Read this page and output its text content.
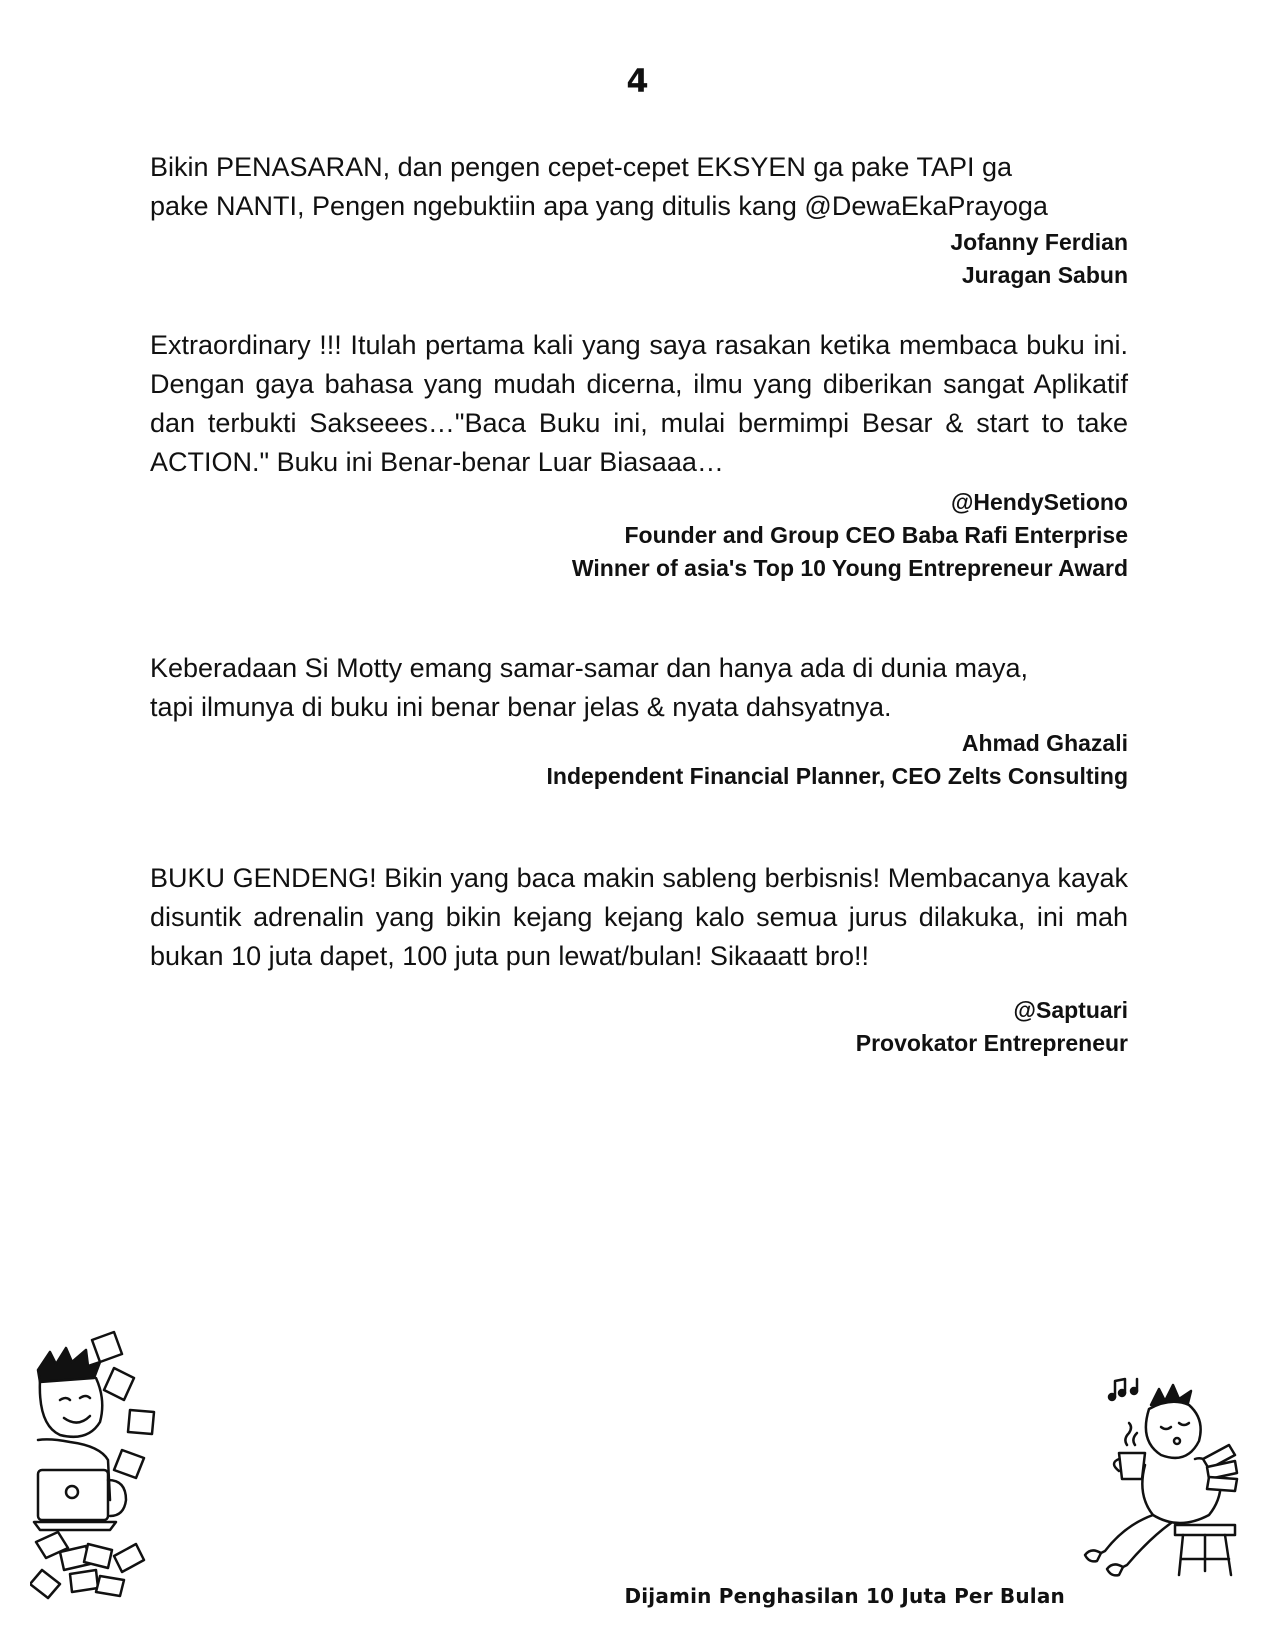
4

Bikin PENASARAN, dan pengen cepet-cepet EKSYEN ga pake TAPI ga

pake NANTI, Pengen ngebuktiin apa yang ditulis kang @DewaEkaPrayoga

Jofanny Ferdian
Juragan Sabun

Extraordinary !!! Itulah pertama kali yang saya rasakan ketika membaca buku ini. Dengan gaya bahasa yang mudah dicerna, ilmu yang diberikan sangat Aplikatif dan terbukti Sakseees…"Baca Buku ini, mulai bermimpi Besar & start to take ACTION." Buku ini Benar-benar Luar Biasaaa…

@HendySetiono
Founder and Group CEO Baba Rafi Enterprise
Winner of asia's Top 10 Young Entrepreneur Award

Keberadaan Si Motty emang samar-samar dan hanya ada di dunia maya,

tapi ilmunya di buku ini benar benar jelas & nyata dahsyatnya.

Ahmad Ghazali
Independent Financial Planner, CEO Zelts Consulting

BUKU GENDENG! Bikin yang baca makin sableng berbisnis! Membacanya kayak disuntik adrenalin yang bikin kejang kejang kalo semua jurus dilakuka, ini mah bukan 10 juta dapet, 100 juta pun lewat/bulan! Sikaaatt bro!!

@Saptuari
Provokator Entrepreneur
Dijamin Penghasilan 10 Juta Per Bulan
